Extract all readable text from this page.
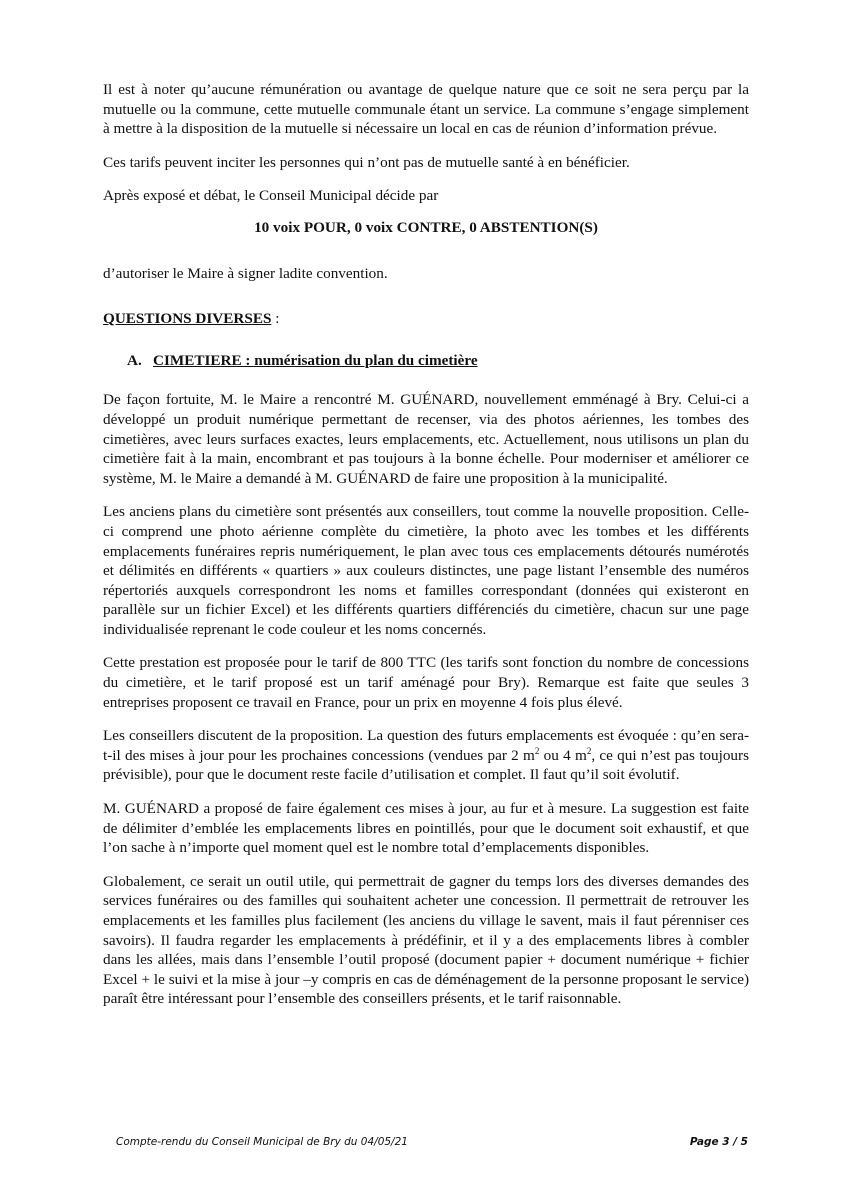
Il est à noter qu’aucune rémunération ou avantage de quelque nature que ce soit ne sera perçu par la mutuelle ou la commune, cette mutuelle communale étant un service. La commune s’engage simplement à mettre à la disposition de la mutuelle si nécessaire un local en cas de réunion d’information prévue.

Ces tarifs peuvent inciter les personnes qui n’ont pas de mutuelle santé à en bénéficier.

Après exposé et débat, le Conseil Municipal décide par

10 voix POUR, 0 voix CONTRE, 0 ABSTENTION(S)

d’autoriser le Maire à signer ladite convention.

QUESTIONS DIVERSES :

A. CIMETIERE : numérisation du plan du cimetière

De façon fortuite, M. le Maire a rencontré M. GUÉNARD, nouvellement emménagé à Bry. Celui-ci a développé un produit numérique permettant de recenser, via des photos aériennes, les tombes des cimetières, avec leurs surfaces exactes, leurs emplacements, etc. Actuellement, nous utilisons un plan du cimetière fait à la main, encombrant et pas toujours à la bonne échelle. Pour moderniser et améliorer ce système, M. le Maire a demandé à M. GUÉNARD de faire une proposition à la municipalité.

Les anciens plans du cimetière sont présentés aux conseillers, tout comme la nouvelle proposition. Celle-ci comprend une photo aérienne complète du cimetière, la photo avec les tombes et les différents emplacements funéraires repris numériquement, le plan avec tous ces emplacements détourés numérotés et délimités en différents « quartiers » aux couleurs distinctes, une page listant l’ensemble des numéros répertoriés auxquels correspondront les noms et familles correspondant (données qui existeront en parallèle sur un fichier Excel) et les différents quartiers différenciés du cimetière, chacun sur une page individualisée reprenant le code couleur et les noms concernés.

Cette prestation est proposée pour le tarif de 800 TTC (les tarifs sont fonction du nombre de concessions du cimetière, et le tarif proposé est un tarif aménagé pour Bry). Remarque est faite que seules 3 entreprises proposent ce travail en France, pour un prix en moyenne 4 fois plus élevé.

Les conseillers discutent de la proposition. La question des futurs emplacements est évoquée : qu’en sera-t-il des mises à jour pour les prochaines concessions (vendues par 2 $m^2$ ou 4 $m^2$, ce qui n’est pas toujours prévisible), pour que le document reste facile d’utilisation et complet. Il faut qu’il soit évolutif.

M. GUÉNARD a proposé de faire également ces mises à jour, au fur et à mesure. La suggestion est faite de délimiter d’emblée les emplacements libres en pointillés, pour que le document soit exhaustif, et que l’on sache à n’importe quel moment quel est le nombre total d’emplacements disponibles.

Globalement, ce serait un outil utile, qui permettrait de gagner du temps lors des diverses demandes des services funéraires ou des familles qui souhaitent acheter une concession. Il permettrait de retrouver les emplacements et les familles plus facilement (les anciens du village le savent, mais il faut pérenniser ces savoirs). Il faudra regarder les emplacements à prédéfinir, et il y a des emplacements libres à combler dans les allées, mais dans l’ensemble l’outil proposé (document papier + document numérique + fichier Excel + le suivi et la mise à jour –y compris en cas de déménagement de la personne proposant le service) paraît être intéressant pour l’ensemble des conseillers présents, et le tarif raisonnable.

Compte-rendu du Conseil Municipal de Bry du 04/05/21	Page 3 / 5
